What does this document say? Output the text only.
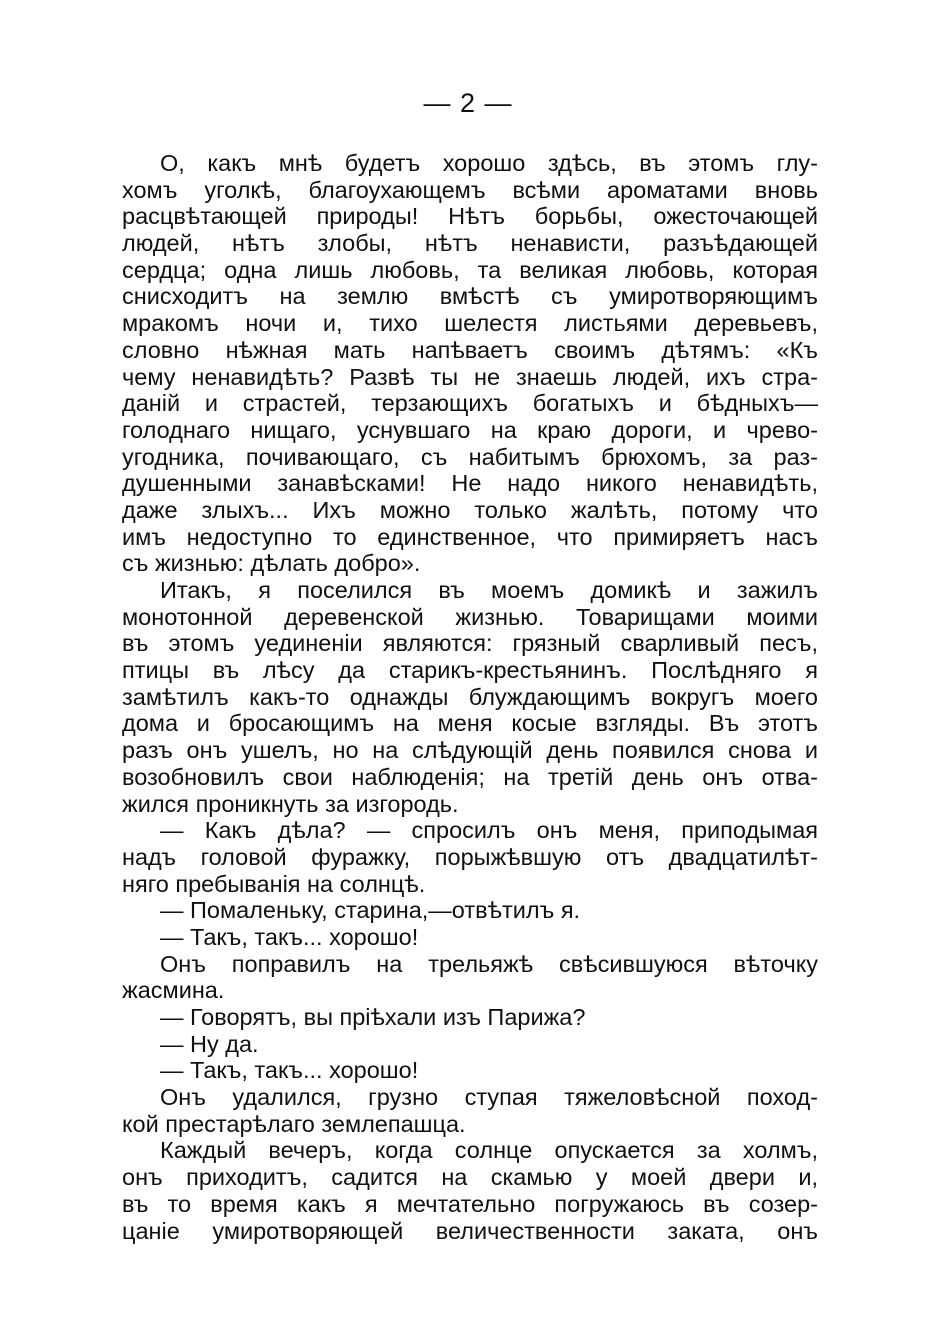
— 2 —
О, какъ мнѣ будетъ хорошо здѣсь, въ этомъ глу-
хомъ уголкѣ, благоухающемъ всѣми ароматами вновь
расцвѣтающей природы! Нѣтъ борьбы, ожесточающей
людей, нѣтъ злобы, нѣтъ ненависти, разъѣдающей
сердца; одна лишь любовь, та великая любовь, которая
снисходитъ на землю вмѣстѣ съ умиротворяющимъ
мракомъ ночи и, тихо шелестя листьями деревьевъ,
словно нѣжная мать напѣваетъ своимъ дѣтямъ: «Къ
чему ненавидѣть? Развѣ ты не знаешь людей, ихъ стра-
даній и страстей, терзающихъ богатыхъ и бѣдныхъ—
голоднаго нищаго, уснувшаго на краю дороги, и чрево-
угодника, почивающаго, съ набитымъ брюхомъ, за раз-
душенными занавѣсками! Не надо никого ненавидѣть,
даже злыхъ... Ихъ можно только жалѣть, потому что
имъ недоступно то единственное, что примиряетъ насъ
съ жизнью: дѣлать добро».
Итакъ, я поселился въ моемъ домикѣ и зажилъ
монотонной деревенской жизнью. Товарищами моими
въ этомъ уединеніи являются: грязный сварливый песъ,
птицы въ лѣсу да старикъ-крестьянинъ. Послѣдняго я
замѣтилъ какъ-то однажды блуждающимъ вокругъ моего
дома и бросающимъ на меня косые взгляды. Въ этотъ
разъ онъ ушелъ, но на слѣдующій день появился снова и
возобновилъ свои наблюденія; на третій день онъ отва-
жился проникнуть за изгородь.
— Какъ дѣла? — спросилъ онъ меня, приподымая
надъ головой фуражку, порыжѣвшую отъ двадцатилѣт-
няго пребыванія на солнцѣ.
— Помаленьку, старина,—отвѣтилъ я.
— Такъ, такъ... хорошо!
Онъ поправилъ на трельяжѣ свѣсившуюся вѣточку
жасмина.
— Говорятъ, вы пріѣхали изъ Парижа?
— Ну да.
— Такъ, такъ... хорошо!
Онъ удалился, грузно ступая тяжеловѣсной поход-
кой престарѣлаго землепашца.
Каждый вечеръ, когда солнце опускается за холмъ,
онъ приходитъ, садится на скамью у моей двери и,
въ то время какъ я мечтательно погружаюсь въ созер-
цаніе умиротворяющей величественности заката, онъ
